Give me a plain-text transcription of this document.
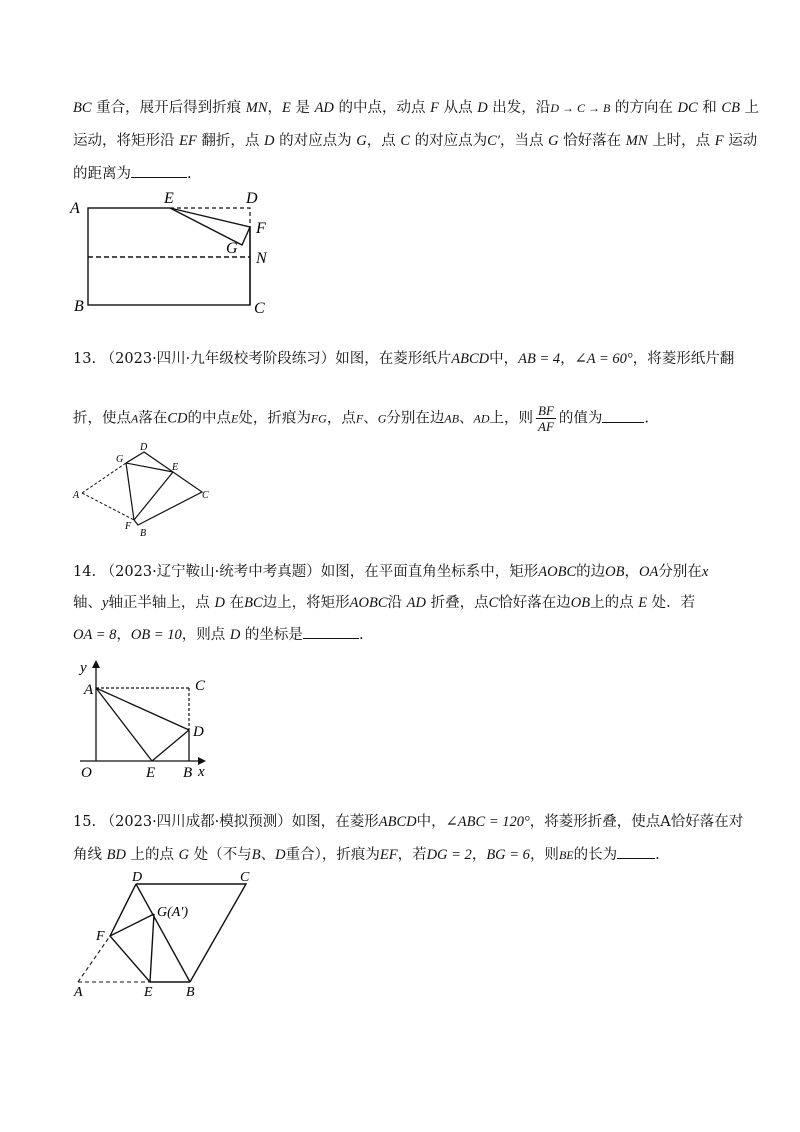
BC 重合，展开后得到折痕 MN，E 是 AD 的中点，动点 F 从点 D 出发，沿D → C → B 的方向在 DC 和 CB 上
运动，将矩形沿 EF 翻折，点 D 的对应点为 G，点 C 的对应点为C′，当点 G 恰好落在 MN 上时，点 F 运动
的距离为	.
A
B	C
D
E
F
G
N
13. （2023·四川·九年级校考阶段练习）如图，在菱形纸片ABCD中，AB = 4，∠A = 60°，将菱形纸片翻
折，使点A落在CD的中点E处，折痕为FG，点F、G分别在边AB、AD上，则 $\frac{BF}{AF}$ 的值为	.
A
B
C
D
E
F
G
14. （2023·辽宁鞍山·统考中考真题）如图，在平面直角坐标系中，矩形AOBC的边OB，OA分别在x
轴、y轴正半轴上，点 D 在BC边上，将矩形AOBC沿 AD 折叠，点C恰好落在边OB上的点 E 处．若
OA = 8，OB = 10，则点 D 的坐标是	.
y
x
A	C
D
O	E B
15. （2023·四川成都·模拟预测）如图，在菱形ABCD中，∠ABC = 120°，将菱形折叠，使点A恰好落在对
角线 BD 上的点 G 处（不与B、D重合），折痕为EF，若DG = 2，BG = 6，则BE的长为	.
D	C
G(A′)
F
A	E B
